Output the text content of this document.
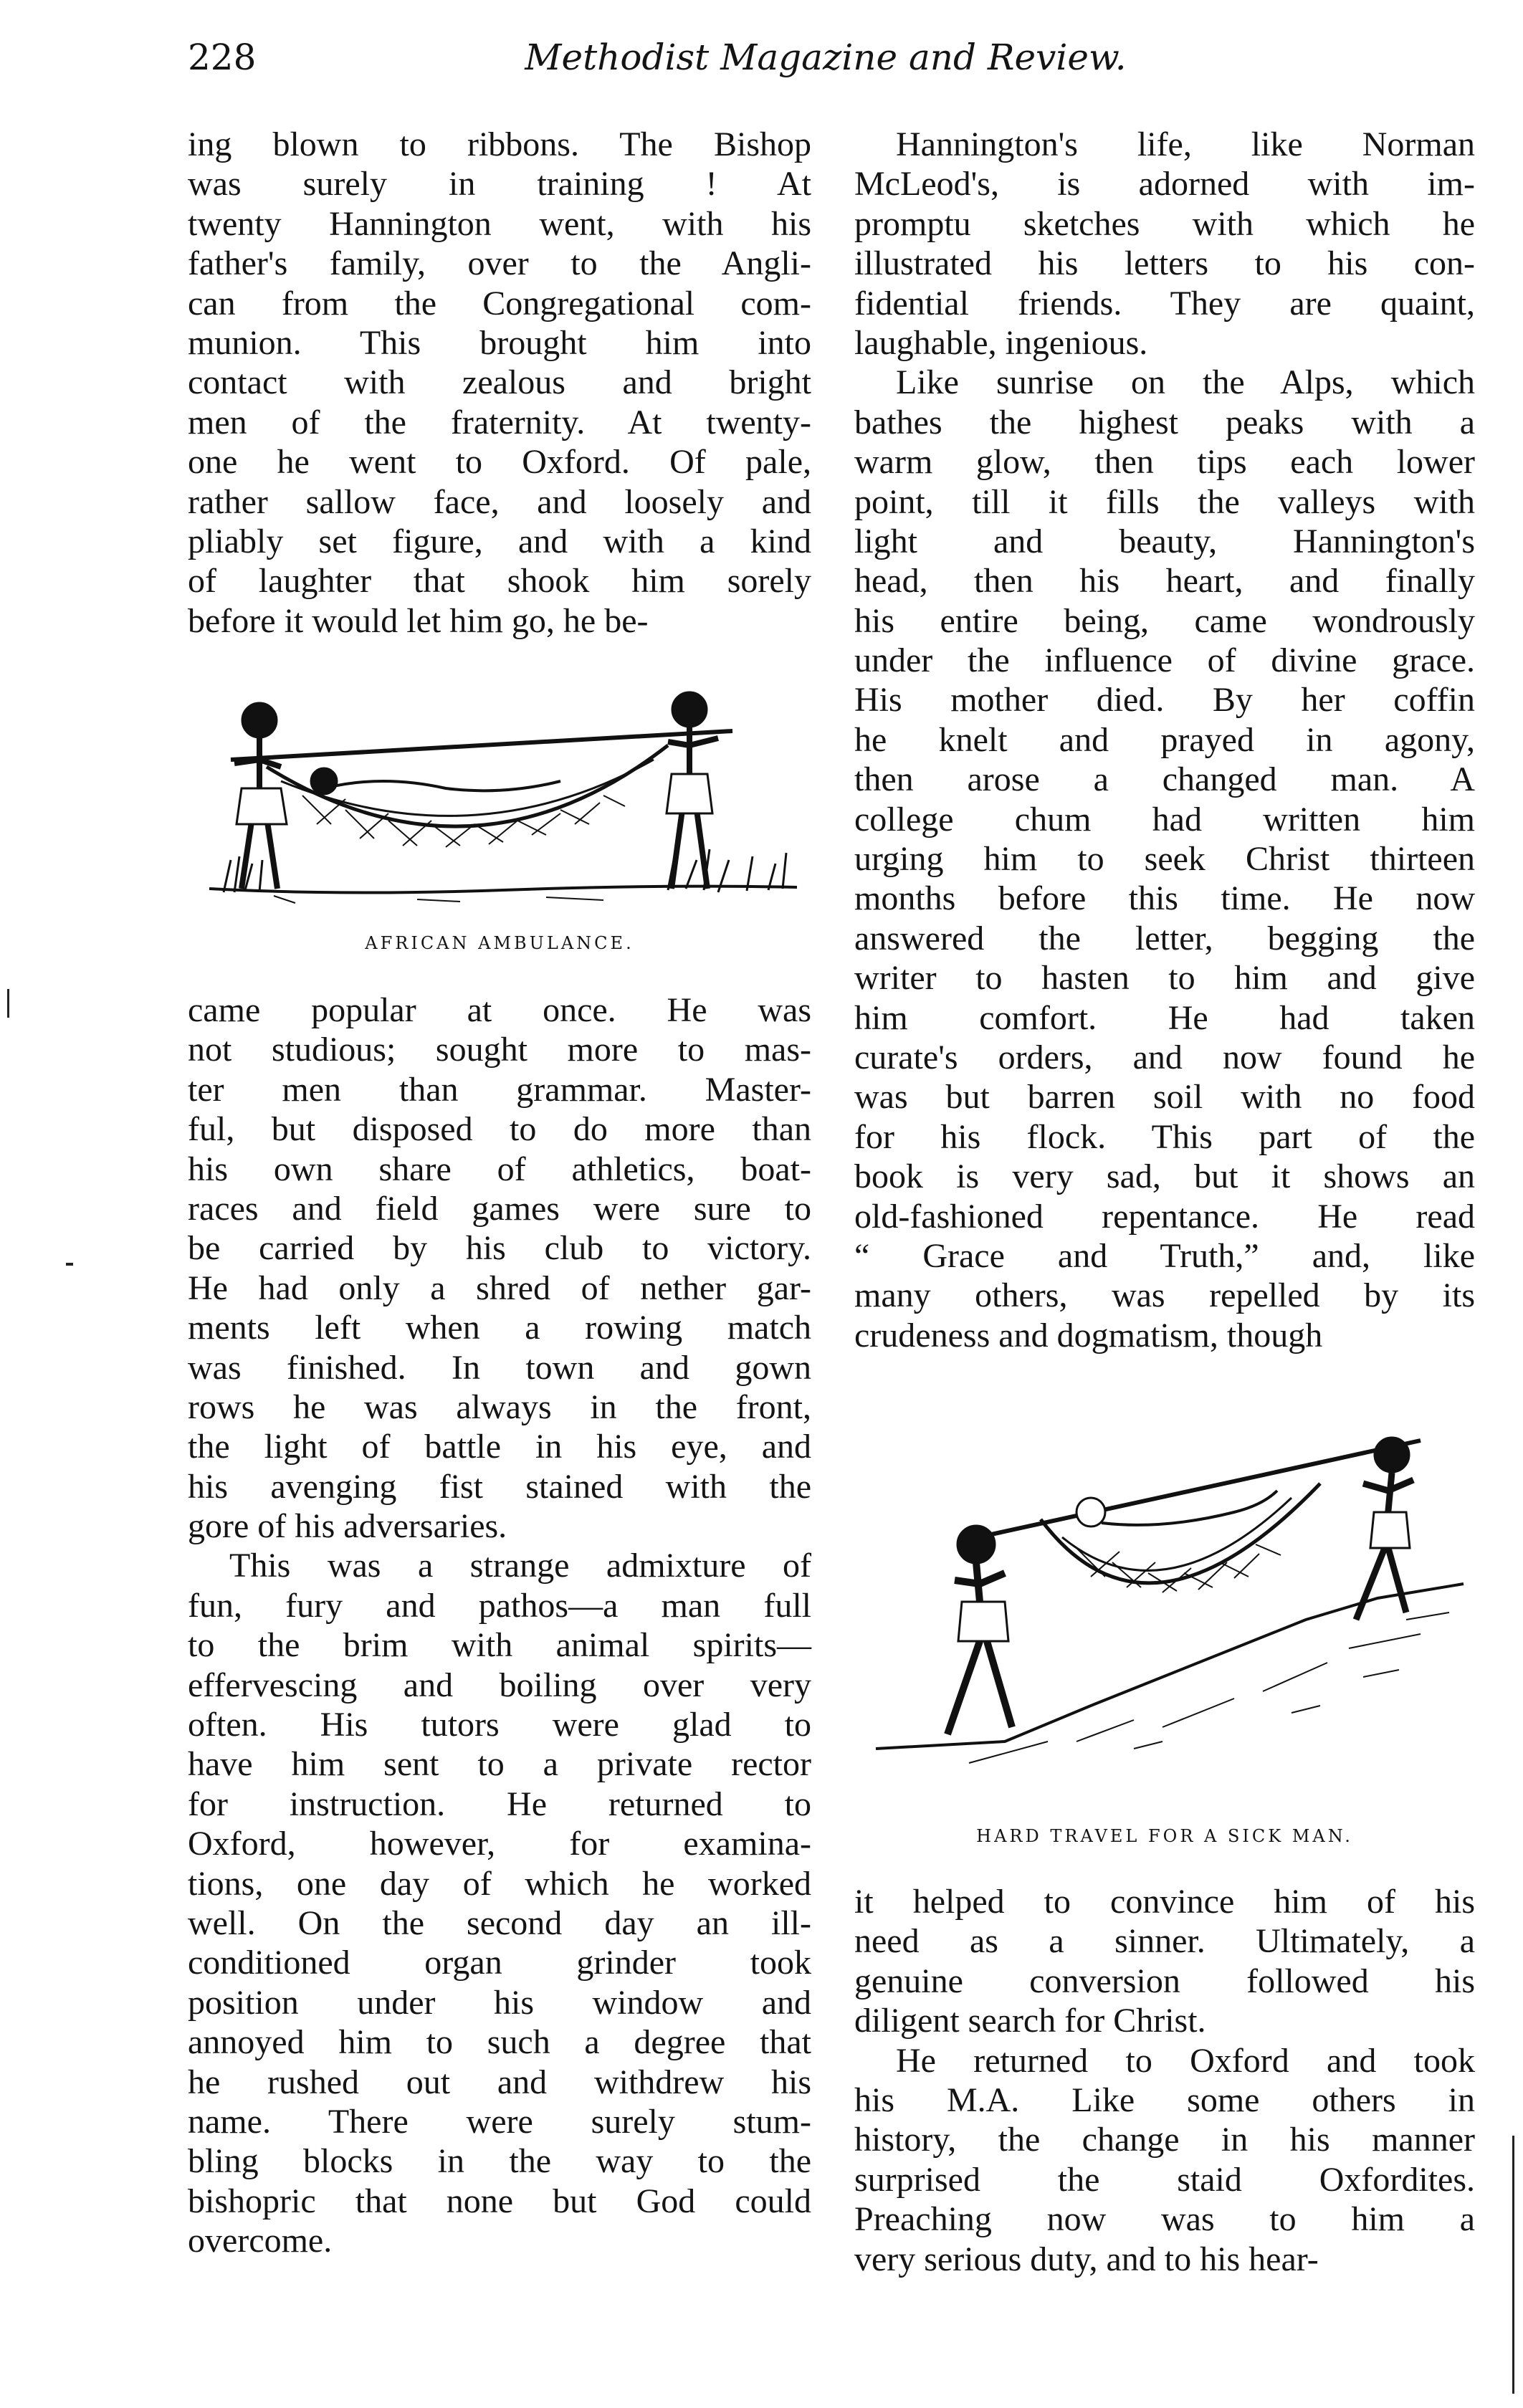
228	Methodist Magazine and Review.
ing blown to ribbons. The Bishop
was surely in training ! At
twenty Hannington went, with his
father's family, over to the Angli-
can from the Congregational com-
munion. This brought him into
contact with zealous and bright
men of the fraternity. At twenty-
one he went to Oxford. Of pale,
rather sallow face, and loosely and
pliably set figure, and with a kind
of laughter that shook him sorely
before it would let him go, he be-
AFRICAN AMBULANCE.
came popular at once. He was
not studious; sought more to mas-
ter men than grammar. Master-
ful, but disposed to do more than
his own share of athletics, boat-
races and field games were sure to
be carried by his club to victory.
He had only a shred of nether gar-
ments left when a rowing match
was finished. In town and gown
rows he was always in the front,
the light of battle in his eye, and
his avenging fist stained with the
gore of his adversaries.
This was a strange admixture of
fun, fury and pathos—a man full
to the brim with animal spirits—
effervescing and boiling over very
often. His tutors were glad to
have him sent to a private rector
for instruction. He returned to
Oxford, however, for examina-
tions, one day of which he worked
well. On the second day an ill-
conditioned organ grinder took
position under his window and
annoyed him to such a degree that
he rushed out and withdrew his
name. There were surely stum-
bling blocks in the way to the
bishopric that none but God could
overcome.
Hannington's life, like Norman
McLeod's, is adorned with im-
promptu sketches with which he
illustrated his letters to his con-
fidential friends. They are quaint,
laughable, ingenious.
Like sunrise on the Alps, which
bathes the highest peaks with a
warm glow, then tips each lower
point, till it fills the valleys with
light and beauty, Hannington's
head, then his heart, and finally
his entire being, came wondrously
under the influence of divine grace.
His mother died. By her coffin
he knelt and prayed in agony,
then arose a changed man. A
college chum had written him
urging him to seek Christ thirteen
months before this time. He now
answered the letter, begging the
writer to hasten to him and give
him comfort. He had taken
curate's orders, and now found he
was but barren soil with no food
for his flock. This part of the
book is very sad, but it shows an
old-fashioned repentance. He read
“ Grace and Truth,” and, like
many others, was repelled by its
crudeness and dogmatism, though
HARD TRAVEL FOR A SICK MAN.
it helped to convince him of his
need as a sinner. Ultimately, a
genuine conversion followed his
diligent search for Christ.
He returned to Oxford and took
his M.A. Like some others in
history, the change in his manner
surprised the staid Oxfordites.
Preaching now was to him a
very serious duty, and to his hear-
